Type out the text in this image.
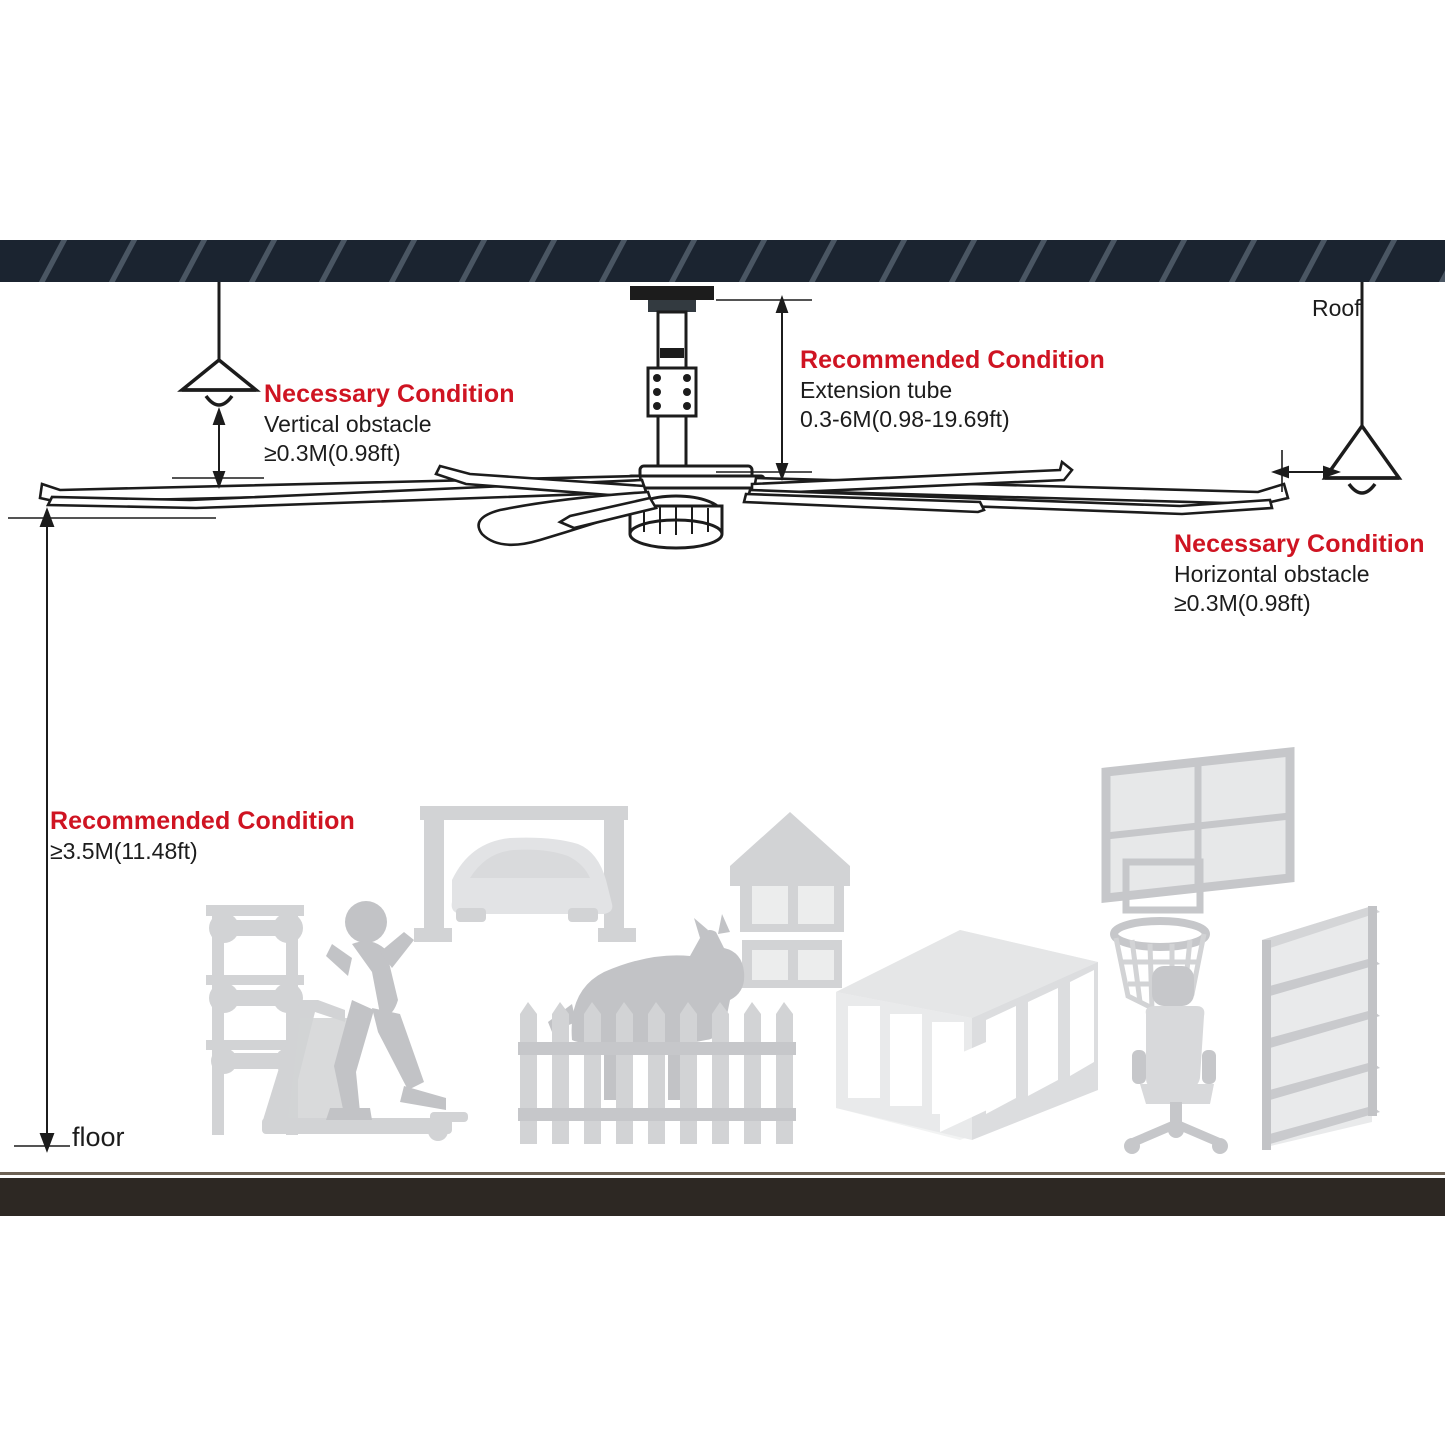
Necessary Condition
Vertical obstacle
≥0.3M(0.98ft)
Recommended Condition
Extension tube
0.3-6M(0.98-19.69ft)
Necessary Condition
Horizontal obstacle
≥0.3M(0.98ft)
Recommended Condition
≥3.5M(11.48ft)
Roof
floor
